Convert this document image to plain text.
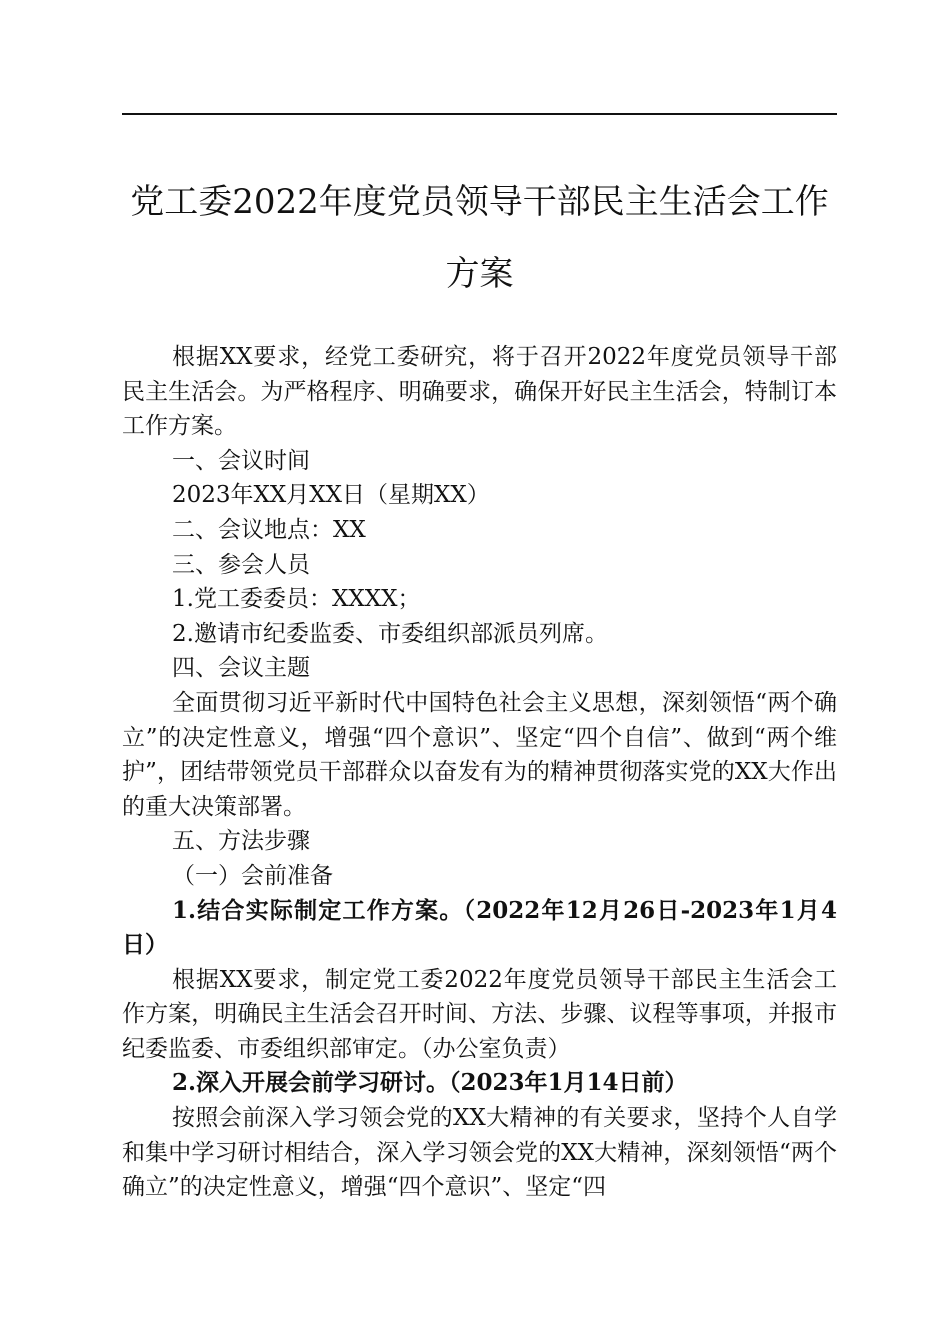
党工委2022年度党员领导干部民主生活会工作方案

根据XX要求，经党工委研究，将于召开2022年度党员领导干部民主生活会。为严格程序、明确要求，确保开好民主生活会，特制订本工作方案。

一、会议时间

2023年XX月XX日（星期XX）

二、会议地点：XX

三、参会人员

1.党工委委员：XXXX；

2.邀请市纪委监委、市委组织部派员列席。

四、会议主题

全面贯彻习近平新时代中国特色社会主义思想，深刻领悟“两个确立”的决定性意义，增强“四个意识”、坚定“四个自信”、做到“两个维护”，团结带领党员干部群众以奋发有为的精神贯彻落实党的XX大作出的重大决策部署。

五、方法步骤

（一）会前准备

1.结合实际制定工作方案。（2022年12月26日-2023年1月4日）

根据XX要求，制定党工委2022年度党员领导干部民主生活会工作方案，明确民主生活会召开时间、方法、步骤、议程等事项，并报市纪委监委、市委组织部审定。（办公室负责）

2.深入开展会前学习研讨。（2023年1月14日前）

按照会前深入学习领会党的XX大精神的有关要求，坚持个人自学和集中学习研讨相结合，深入学习领会党的XX大精神，深刻领悟“两个确立”的决定性意义，增强“四个意识”、坚定“四
